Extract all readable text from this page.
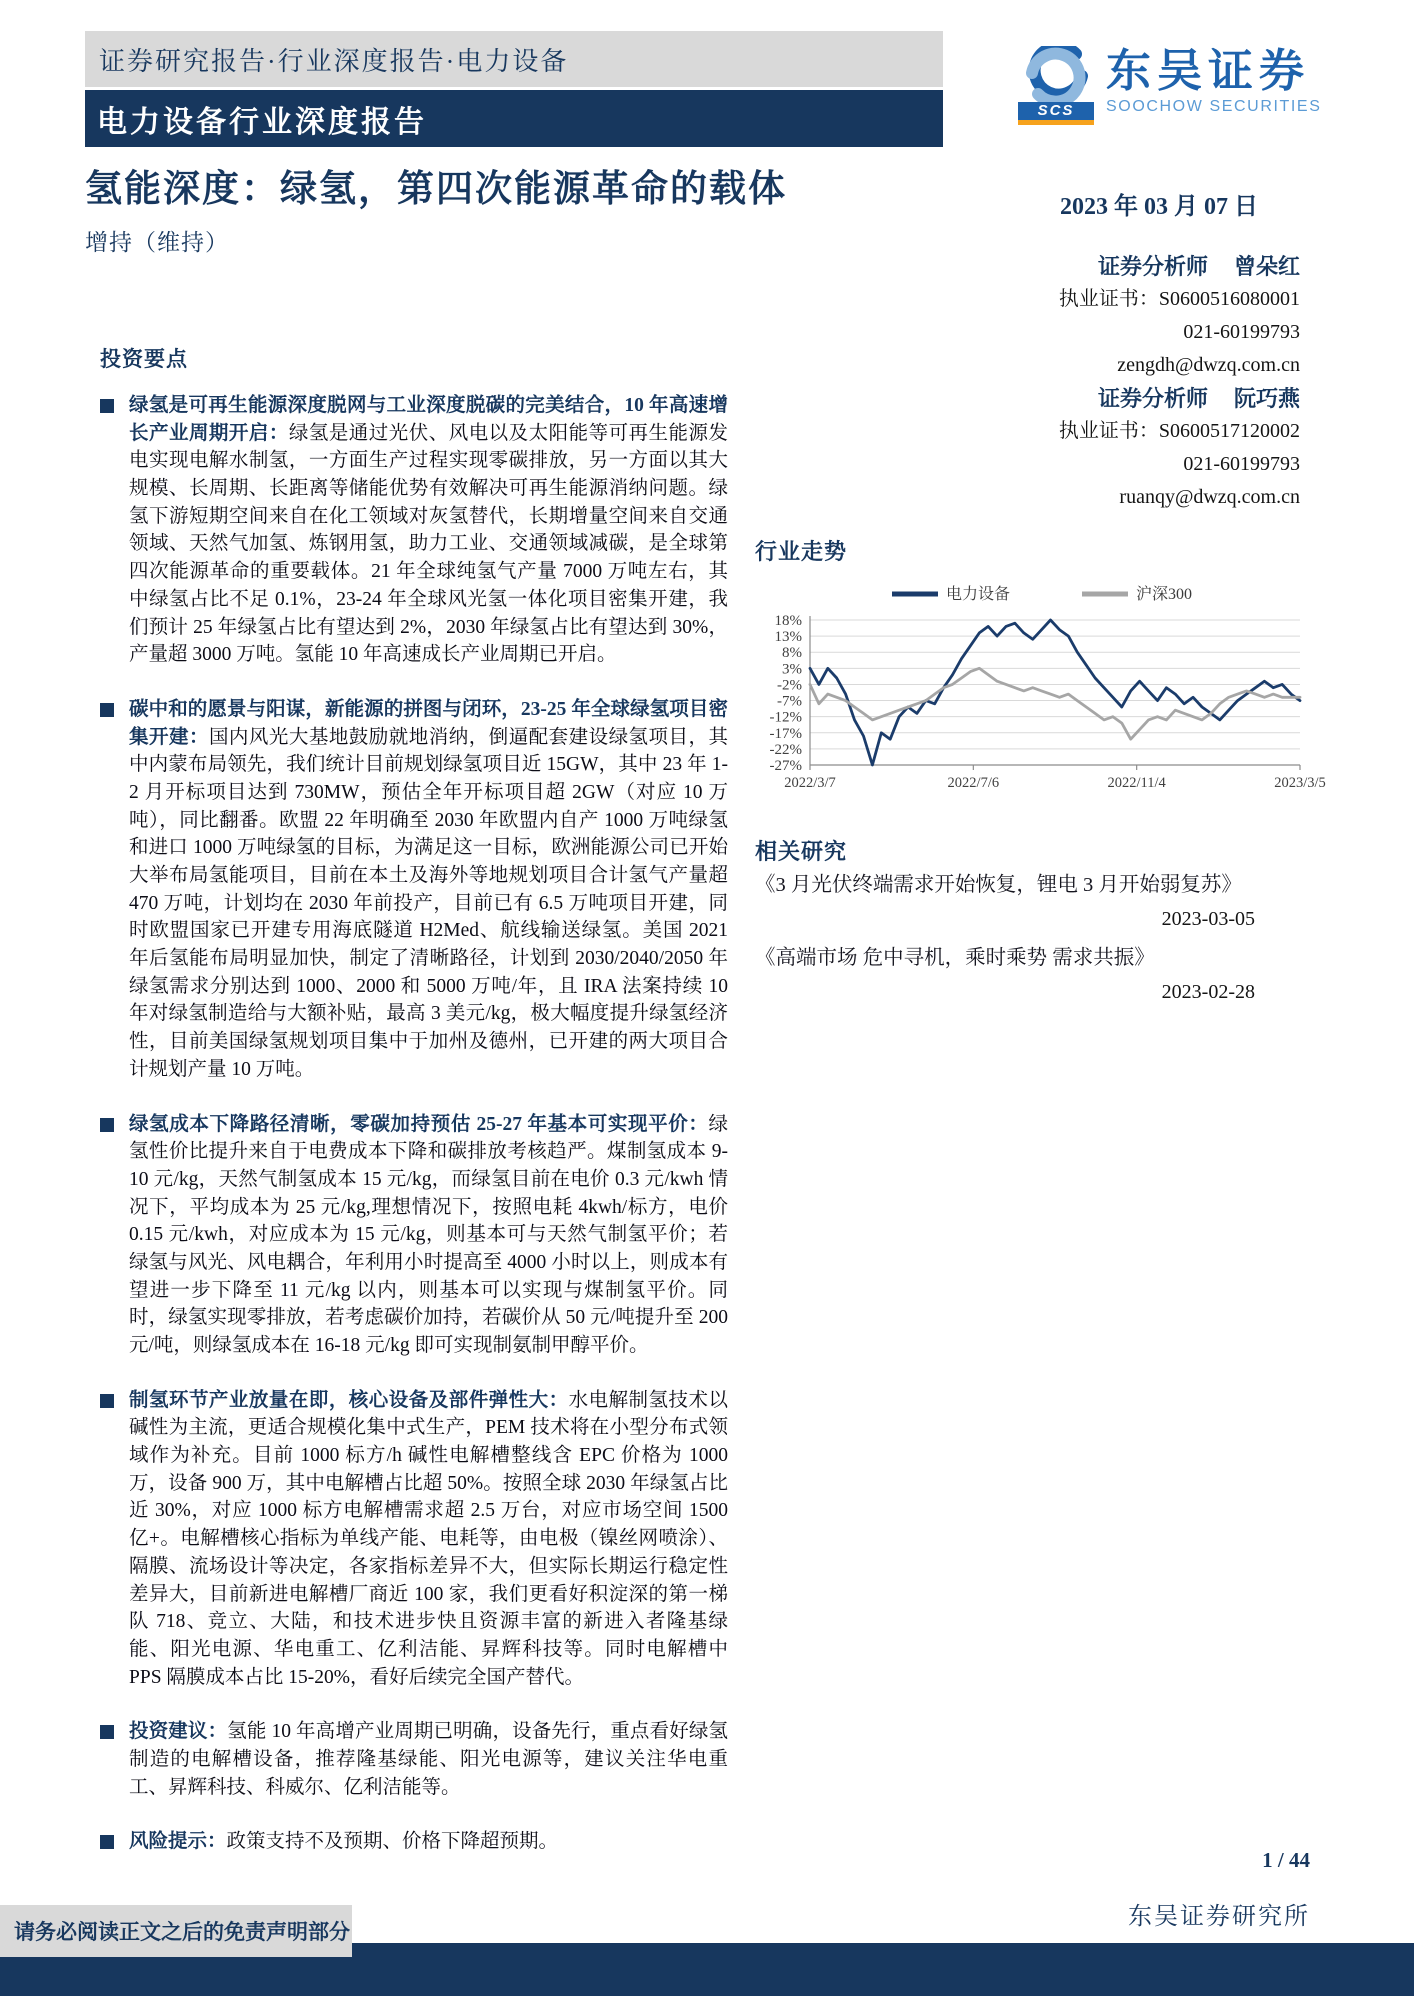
证券研究报告·行业深度报告·电力设备
电力设备行业深度报告
氢能深度：绿氢，第四次能源革命的载体
增持（维持）
SCS
东吴证券
SOOCHOW SECURITIES
2023 年 03 月 07 日
证券分析师 曾朵红
执业证书：S0600516080001
021-60199793
zengdh@dwzq.com.cn
证券分析师 阮巧燕
执业证书：S0600517120002
021-60199793
ruanqy@dwzq.com.cn
行业走势
18%
13%
8%
3%
-2%
-7%
-12%
-17%
-22%
-27%
2022/3/7	2022/7/6	2022/11/4	2023/3/5
电力设备	沪深300
相关研究
《3 月光伏终端需求开始恢复，锂电 3 月开始弱复苏》
2023-03-05
《高端市场 危中寻机，乘时乘势 需求共振》
2023-02-28
投资要点

绿氢是可再生能源深度脱网与工业深度脱碳的完美结合，10 年高速增长产业周期开启：绿氢是通过光伏、风电以及太阳能等可再生能源发电实现电解水制氢，一方面生产过程实现零碳排放，另一方面以其大规模、长周期、长距离等储能优势有效解决可再生能源消纳问题。绿氢下游短期空间来自在化工领域对灰氢替代，长期增量空间来自交通领域、天然气加氢、炼钢用氢，助力工业、交通领域减碳，是全球第四次能源革命的重要载体。21 年全球纯氢气产量 7000 万吨左右，其中绿氢占比不足 0.1%，23-24 年全球风光氢一体化项目密集开建，我们预计 25 年绿氢占比有望达到 2%，2030 年绿氢占比有望达到 30%，产量超 3000 万吨。氢能 10 年高速成长产业周期已开启。

碳中和的愿景与阳谋，新能源的拼图与闭环，23-25 年全球绿氢项目密集开建：国内风光大基地鼓励就地消纳，倒逼配套建设绿氢项目，其中内蒙布局领先，我们统计目前规划绿氢项目近 15GW，其中 23 年 1-2 月开标项目达到 730MW，预估全年开标项目超 2GW（对应 10 万吨），同比翻番。欧盟 22 年明确至 2030 年欧盟内自产 1000 万吨绿氢和进口 1000 万吨绿氢的目标，为满足这一目标，欧洲能源公司已开始大举布局氢能项目，目前在本土及海外等地规划项目合计氢气产量超 470 万吨，计划均在 2030 年前投产，目前已有 6.5 万吨项目开建，同时欧盟国家已开建专用海底隧道 H2Med、航线输送绿氢。美国 2021 年后氢能布局明显加快，制定了清晰路径，计划到 2030/2040/2050 年绿氢需求分别达到 1000、2000 和 5000 万吨/年，且 IRA 法案持续 10 年对绿氢制造给与大额补贴，最高 3 美元/kg，极大幅度提升绿氢经济性，目前美国绿氢规划项目集中于加州及德州，已开建的两大项目合计规划产量 10 万吨。

绿氢成本下降路径清晰，零碳加持预估 25-27 年基本可实现平价：绿氢性价比提升来自于电费成本下降和碳排放考核趋严。煤制氢成本 9-10 元/kg，天然气制氢成本 15 元/kg，而绿氢目前在电价 0.3 元/kwh 情况下，平均成本为 25 元/kg,理想情况下，按照电耗 4kwh/标方，电价 0.15 元/kwh，对应成本为 15 元/kg，则基本可与天然气制氢平价；若绿氢与风光、风电耦合，年利用小时提高至 4000 小时以上，则成本有望进一步下降至 11 元/kg 以内，则基本可以实现与煤制氢平价。同时，绿氢实现零排放，若考虑碳价加持，若碳价从 50 元/吨提升至 200 元/吨，则绿氢成本在 16-18 元/kg 即可实现制氨制甲醇平价。

制氢环节产业放量在即，核心设备及部件弹性大：水电解制氢技术以碱性为主流，更适合规模化集中式生产，PEM 技术将在小型分布式领域作为补充。目前 1000 标方/h 碱性电解槽整线含 EPC 价格为 1000 万，设备 900 万，其中电解槽占比超 50%。按照全球 2030 年绿氢占比近 30%，对应 1000 标方电解槽需求超 2.5 万台，对应市场空间 1500 亿+。电解槽核心指标为单线产能、电耗等，由电极（镍丝网喷涂）、隔膜、流场设计等决定，各家指标差异不大，但实际长期运行稳定性差异大，目前新进电解槽厂商近 100 家，我们更看好积淀深的第一梯队 718、竞立、大陆，和技术进步快且资源丰富的新进入者隆基绿能、阳光电源、华电重工、亿利洁能、昇辉科技等。同时电解槽中 PPS 隔膜成本占比 15-20%，看好后续完全国产替代。

投资建议：氢能 10 年高增产业周期已明确，设备先行，重点看好绿氢制造的电解槽设备，推荐隆基绿能、阳光电源等，建议关注华电重工、昇辉科技、科威尔、亿利洁能等。

风险提示：政策支持不及预期、价格下降超预期。

1 / 44
东吴证券研究所
请务必阅读正文之后的免责声明部分
